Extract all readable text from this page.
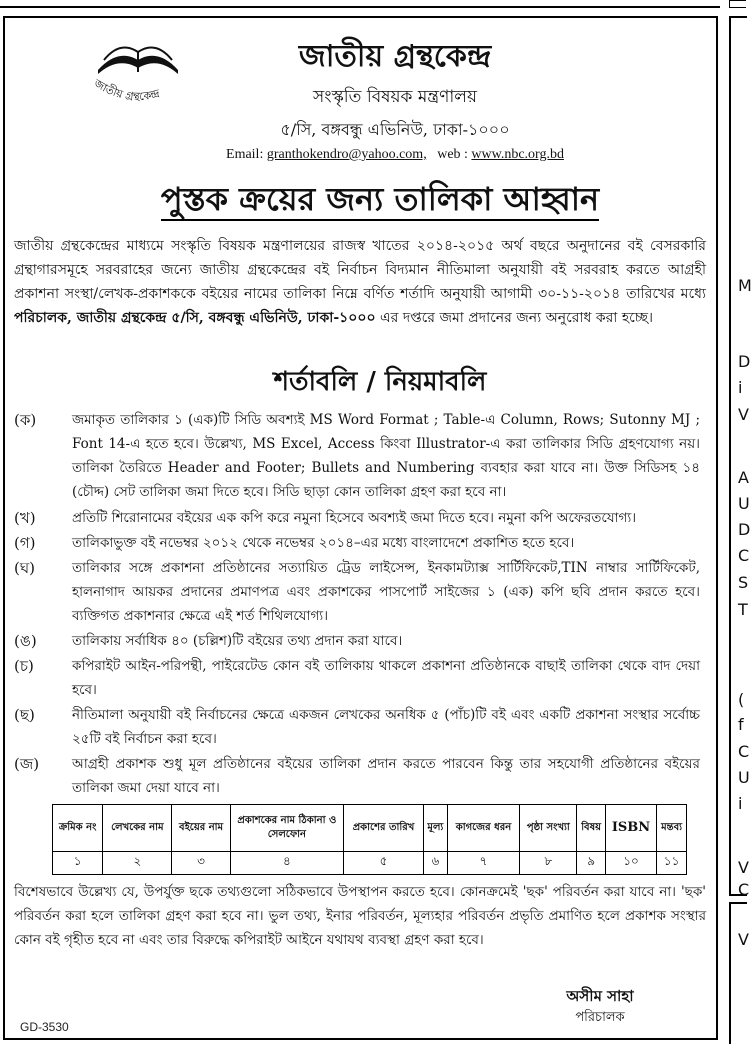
M
D
i
V
A
U
D
C
S
T
(
f
C
U
i
V
C
V
জাতীয় গ্রন্থকেন্দ্র
জাতীয় গ্রন্থকেন্দ্র
সংস্কৃতি বিষয়ক মন্ত্রণালয়
৫/সি, বঙ্গবন্ধু এভিনিউ, ঢাকা-১০০০
Email: granthokendro@yahoo.com, web : www.nbc.org.bd
পুস্তক ক্রয়ের জন্য তালিকা আহ্বান
জাতীয় গ্রন্থকেন্দ্রের মাধ্যমে সংস্কৃতি বিষয়ক মন্ত্রণালয়ের রাজস্ব খাতের ২০১৪-২০১৫ অর্থ বছরে অনুদানের বই বেসরকারি গ্রন্থাগারসমূহে সরবরাহের জন্যে জাতীয় গ্রন্থকেন্দ্রের বই নির্বাচন বিদ্যমান নীতিমালা অনুযায়ী বই সরবরাহ করতে আগ্রহী প্রকাশনা সংস্থা/লেখক-প্রকাশককে বইয়ের নামের তালিকা নিম্নে বর্ণিত শর্তাদি অনুযায়ী আগামী ৩০-১১-২০১৪ তারিখের মধ্যে পরিচালক, জাতীয় গ্রন্থকেন্দ্র ৫/সি, বঙ্গবন্ধু এভিনিউ, ঢাকা-১০০০ এর দপ্তরে জমা প্রদানের জন্য অনুরোধ করা হচ্ছে।
শর্তাবলি / নিয়মাবলি
(ক)	জমাকৃত তালিকার ১ (এক)টি সিডি অবশ্যই MS Word Format ; Table-এ Column, Rows; Sutonny MJ ; Font 14-এ হতে হবে। উল্লেখ্য, MS Excel, Access কিংবা Illustrator-এ করা তালিকার সিডি গ্রহণযোগ্য নয়। তালিকা তৈরিতে Header and Footer; Bullets and Numbering ব্যবহার করা যাবে না। উক্ত সিডিসহ ১৪ (চৌদ্দ) সেট তালিকা জমা দিতে হবে। সিডি ছাড়া কোন তালিকা গ্রহণ করা হবে না।
(খ)	প্রতিটি শিরোনামের বইয়ের এক কপি করে নমুনা হিসেবে অবশ্যই জমা দিতে হবে। নমুনা কপি অফেরতযোগ্য।
(গ)	তালিকাভুক্ত বই নভেম্বর ২০১২ থেকে নভেম্বর ২০১৪–এর মধ্যে বাংলাদেশে প্রকাশিত হতে হবে।
(ঘ)	তালিকার সঙ্গে প্রকাশনা প্রতিষ্ঠানের সত্যায়িত ট্রেড লাইসেন্স, ইনকামট্যাক্স সার্টিফিকেট,TIN নাম্বার সার্টিফিকেট, হালনাগাদ আয়কর প্রদানের প্রমাণপত্র এবং প্রকাশকের পাসপোর্ট সাইজের ১ (এক) কপি ছবি প্রদান করতে হবে। ব্যক্তিগত প্রকাশনার ক্ষেত্রে এই শর্ত শিথিলযোগ্য।
(ঙ)	তালিকায় সর্বাধিক ৪০ (চল্লিশ)টি বইয়ের তথ্য প্রদান করা যাবে।
(চ)	কপিরাইট আইন-পরিপন্থী, পাইরেটেড কোন বই তালিকায় থাকলে প্রকাশনা প্রতিষ্ঠানকে বাছাই তালিকা থেকে বাদ দেয়া হবে।
(ছ)	নীতিমালা অনুযায়ী বই নির্বাচনের ক্ষেত্রে একজন লেখকের অনধিক ৫ (পাঁচ)টি বই এবং একটি প্রকাশনা সংস্থার সর্বোচ্চ ২৫টি বই নির্বাচন করা হবে।
(জ)	আগ্রহী প্রকাশক শুধু মূল প্রতিষ্ঠানের বইয়ের তালিকা প্রদান করতে পারবেন কিন্তু তার সহযোগী প্রতিষ্ঠানের বইয়ের তালিকা জমা দেয়া যাবে না।
ক্রমিক নং	লেখকের নাম	বইয়ের নাম	প্রকাশকের নাম ঠিকানা ও সেলফোন	প্রকাশের তারিখ	মূল্য	কাগজের ধরন	পৃষ্ঠা সংখ্যা	বিষয়	ISBN	মন্তব্য
১	২	৩	৪	৫	৬	৭	৮	৯	১০	১১
বিশেষভাবে উল্লেখ্য যে, উপর্যুক্ত ছকে তথ্যগুলো সঠিকভাবে উপস্থাপন করতে হবে। কোনক্রমেই 'ছক' পরিবর্তন করা যাবে না। 'ছক' পরিবর্তন করা হলে তালিকা গ্রহণ করা হবে না। ভুল তথ্য, ইনার পরিবর্তন, মূল্যহার পরিবর্তন প্রভৃতি প্রমাণিত হলে প্রকাশক সংস্থার কোন বই গৃহীত হবে না এবং তার বিরুদ্ধে কপিরাইট আইনে যথাযথ ব্যবস্থা গ্রহণ করা হবে।
অসীম সাহা
পরিচালক
GD-3530
